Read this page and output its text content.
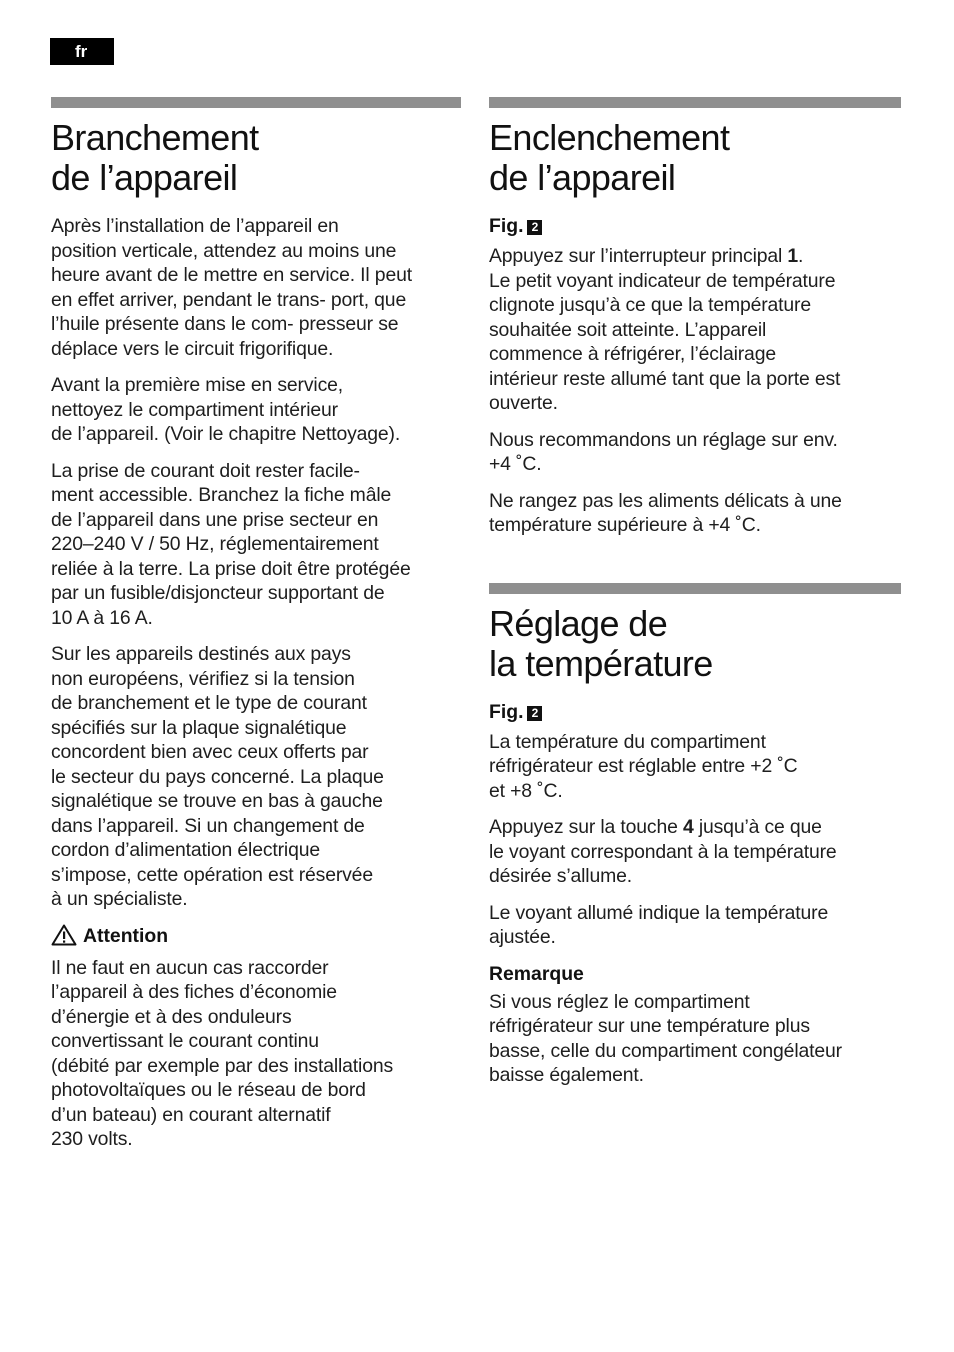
fr
Branchement
de l’appareil

Après l’installation de l’appareil en
position verticale, attendez au moins une
heure avant de le mettre en service. Il peut
en effet arriver, pendant le trans- port, que
l’huile présente dans le com- presseur se
déplace vers le circuit frigorifique.

Avant la première mise en service,
nettoyez le compartiment intérieur
de l’appareil. (Voir le chapitre Nettoyage).

La prise de courant doit rester facile-
ment accessible. Branchez la fiche mâle
de l’appareil dans une prise secteur en
220–240 V / 50 Hz, réglementairement
reliée à la terre. La prise doit être protégée
par un fusible/disjoncteur supportant de
10 A à 16 A.

Sur les appareils destinés aux pays
non européens, vérifiez si la tension
de branchement et le type de courant
spécifiés sur la plaque signalétique
concordent bien avec ceux offerts par
le secteur du pays concerné. La plaque
signalétique se trouve en bas à gauche
dans l’appareil. Si un changement de
cordon d’alimentation électrique
s’impose, cette opération est réservée
à un spécialiste.

Attention

Il ne faut en aucun cas raccorder
l’appareil à des fiches d’économie
d’énergie et à des onduleurs
convertissant le courant continu
(débité par exemple par des installations
photovoltaïques ou le réseau de bord
d’un bateau) en courant alternatif
230 volts.

Enclenchement
de l’appareil
Fig. 2

Appuyez sur l’interrupteur principal 1.
Le petit voyant indicateur de température
clignote jusqu’à ce que la température
souhaitée soit atteinte. L’appareil
commence à réfrigérer, l’éclairage
intérieur reste allumé tant que la porte est
ouverte.

Nous recommandons un réglage sur env.
+4 ˚C.

Ne rangez pas les aliments délicats à une
température supérieure à +4 ˚C.

Réglage de
la température
Fig. 2

La température du compartiment
réfrigérateur est réglable entre +2 ˚C
et +8 ˚C.

Appuyez sur la touche 4 jusqu’à ce que
le voyant correspondant à la température
désirée s’allume.

Le voyant allumé indique la température
ajustée.

Remarque

Si vous réglez le compartiment
réfrigérateur sur une température plus
basse, celle du compartiment congélateur
baisse également.
